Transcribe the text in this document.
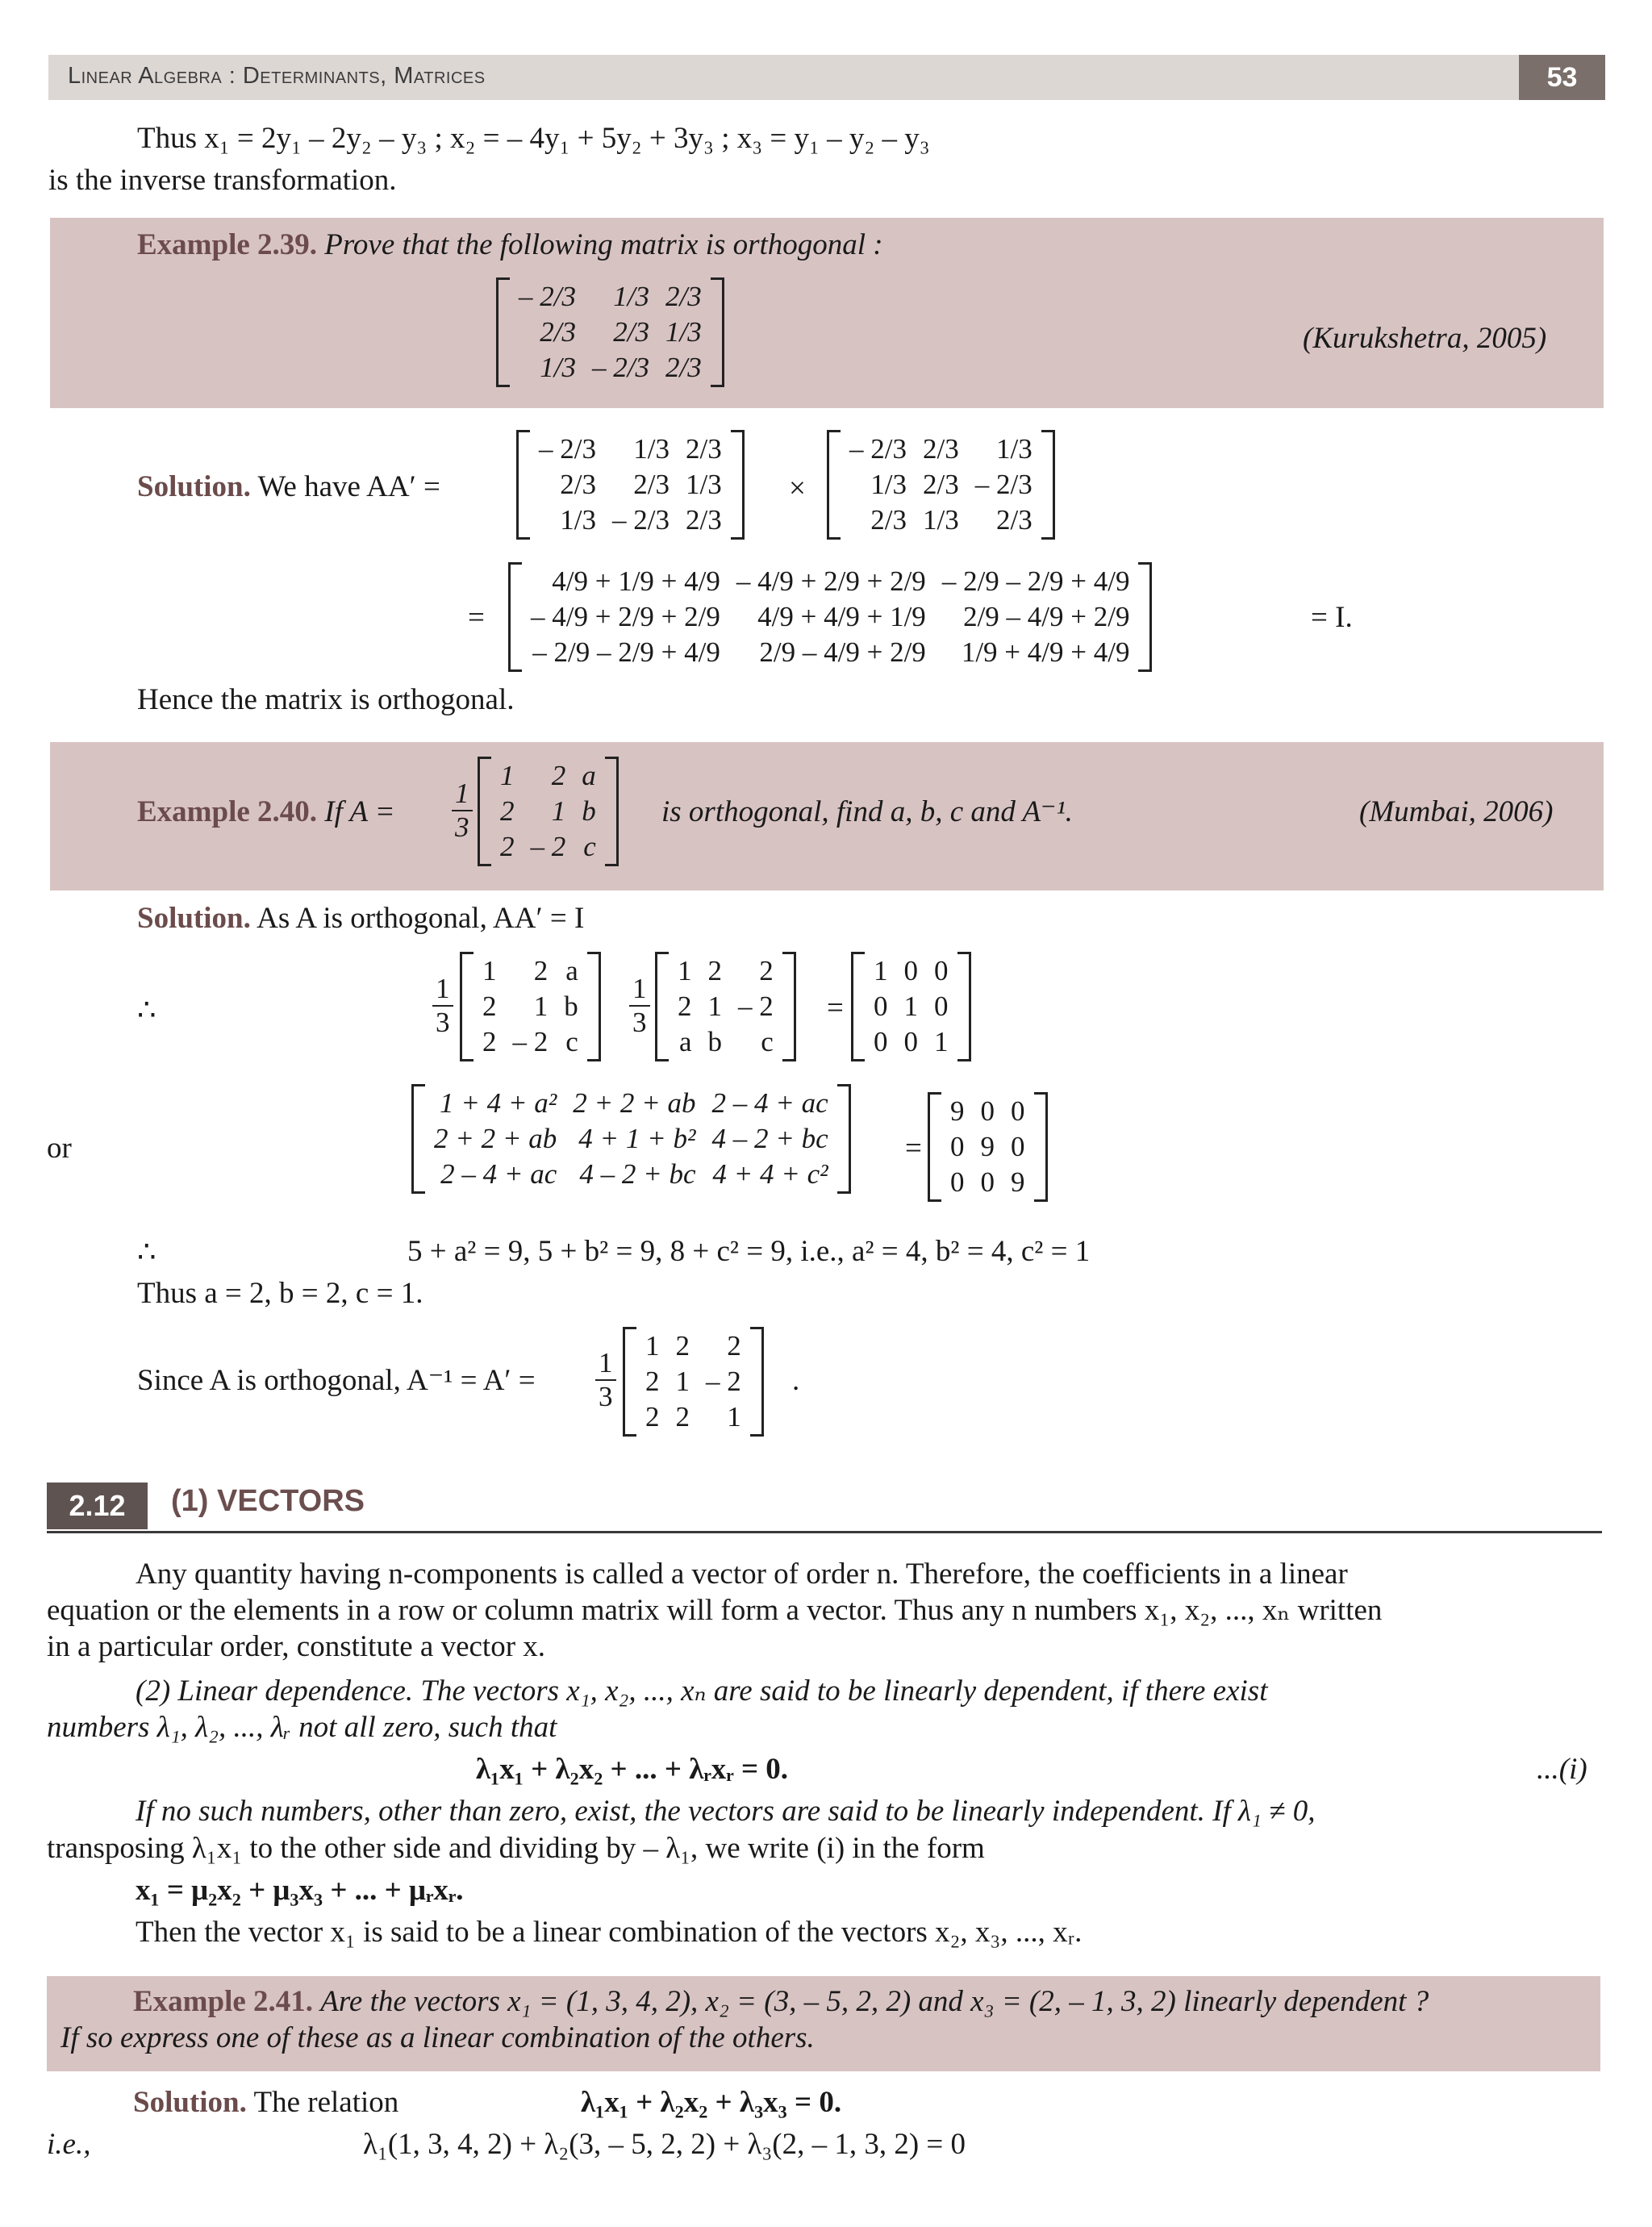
Linear Algebra : Determinants, Matrices	53
Thus x₁ = 2y₁ – 2y₂ – y₃ ; x₂ = – 4y₁ + 5y₂ + 3y₃ ; x₃ = y₁ – y₂ – y₃
is the inverse transformation.
Example 2.39. Prove that the following matrix is orthogonal :
(Kurukshetra, 2005)
– 2/3	1/3	2/3
2/3	2/3	1/3
1/3	– 2/3	2/3
Solution. We have AA′ =
– 2/3	1/3	2/3
2/3	2/3	1/3
1/3	– 2/3	2/3
×
– 2/3	2/3	1/3
1/3	2/3	– 2/3
2/3	1/3	2/3
=
4/9 + 1/9 + 4/9	– 4/9 + 2/9 + 2/9	– 2/9 – 2/9 + 4/9
– 4/9 + 2/9 + 2/9	4/9 + 4/9 + 1/9	2/9 – 4/9 + 2/9
– 2/9 – 2/9 + 4/9	2/9 – 4/9 + 2/9	1/9 + 4/9 + 4/9
= I.
Hence the matrix is orthogonal.
Example 2.40. If $A = \frac{1}{3}$
1	2	a
2	1	b
2	– 2	c
is orthogonal, find a, b, c and A⁻¹.	(Mumbai, 2006)
Solution. As A is orthogonal, AA′ = I
∴	$\frac{1}{3}$
1	2	a
2	1	b
2	– 2	c
$\frac{1}{3}$
1	2	2
2	1	– 2
a	b	c
=
1	0	0
0	1	0
0	0	1
or
1 + 4 + a²	2 + 2 + ab	2 – 4 + ac
2 + 2 + ab	4 + 1 + b²	4 – 2 + bc
2 – 4 + ac	4 – 2 + bc	4 + 4 + c²
=
9	0	0
0	9	0
0	0	9
∴	5 + a² = 9, 5 + b² = 9, 8 + c² = 9, i.e., a² = 4, b² = 4, c² = 1
Thus a = 2, b = 2, c = 1.
Since A is orthogonal, $A^{-1} = A' = \frac{1}{3}$
1	2	2
2	1	– 2
2	2	1
.
2.12	(1) VECTORS
Any quantity having n-components is called a vector of order n. Therefore, the coefficients in a linear
equation or the elements in a row or column matrix will form a vector. Thus any n numbers x₁, x₂, ..., xₙ written
in a particular order, constitute a vector x.
(2) Linear dependence. The vectors x₁, x₂, ..., xₙ are said to be linearly dependent, if there exist
numbers λ₁, λ₂, ..., λᵣ not all zero, such that
λ₁x₁ + λ₂x₂ + ... + λᵣxᵣ = 0.	...(i)
If no such numbers, other than zero, exist, the vectors are said to be linearly independent. If λ₁ ≠ 0,
transposing λ₁x₁ to the other side and dividing by – λ₁, we write (i) in the form
x₁ = μ₂x₂ + μ₃x₃ + ... + μᵣxᵣ.
Then the vector x₁ is said to be a linear combination of the vectors x₂, x₃, ..., xᵣ.
Example 2.41. Are the vectors x₁ = (1, 3, 4, 2), x₂ = (3, – 5, 2, 2) and x₃ = (2, – 1, 3, 2) linearly dependent ?
If so express one of these as a linear combination of the others.
Solution. The relation	λ₁x₁ + λ₂x₂ + λ₃x₃ = 0.
i.e.,	λ₁(1, 3, 4, 2) + λ₂(3, – 5, 2, 2) + λ₃(2, – 1, 3, 2) = 0
